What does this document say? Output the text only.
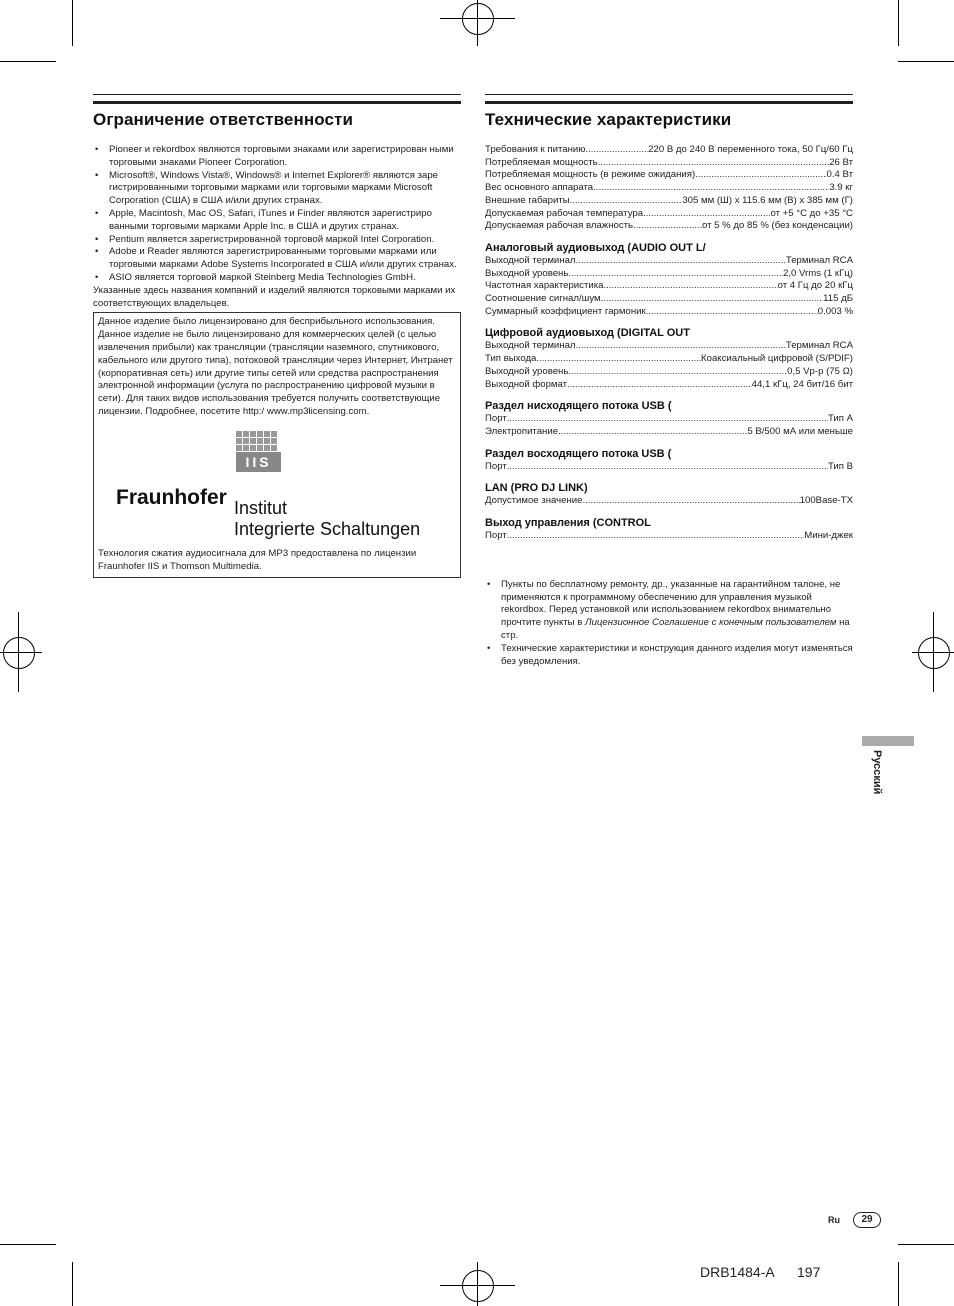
Ограничение ответственности
• Pioneer и rekordbox являются торговыми знаками или зарегистрирован ными торговыми знаками Pioneer Corporation.
• Microsoft®, Windows Vista®, Windows® и Internet Explorer® являются заре гистрированными торговыми марками или торговыми марками Microsoft Corporation (США) в США и/или других странах.
• Apple, Macintosh, Mac OS, Safari, iTunes и Finder являются зарегистриро ванными торговыми марками Apple Inc. в США и других странах.
• Pentium является зарегистрированной торговой маркой Intel Corporation.
• Adobe и Reader являются зарегистрированными торговыми марками или торговыми марками Adobe Systems Incorporated в США и/или других странах.
• ASIO является торговой маркой Steinberg Media Technologies GmbH.
Указанные здесь названия компаний и изделий являются торковыми марками их соответствующих владельцев.

Данное изделие было лицензировано для бесприбыльного использования. Данное изделие не было лицензировано для коммерческих целей (с целью извлечения прибыли) как трансляции (трансляции наземного, спутникового, кабельного или другого типа), потоковой трансляции через Интернет, Интранет (корпоративная сеть) или другие типы сетей или средства распространения электронной информации (услуга по распространению цифровой музыки в сети). Для таких видов использования требуется получить соответствующие лицензии. Подробнее, посетите http:/ www.mp3licensing.com.

IIS
Fraunhofer Institut
Integrierte Schaltungen

Технология сжатия аудиосигнала для MP3 предоставлена по лицензии Fraunhofer IIS и Thomson Multimedia.

Технические характеристики
Требования к питанию .....	220 В до 240 В переменного тока, 50 Гц/60 Гц
Потребляемая мощность .....	26 Вт
Потребляемая мощность (в режиме ожидания) .....	0.4 Вт
Вес основного аппарата .....	3.9 кг
Внешние габариты .....	305 мм (Ш) x 115.6 мм (В) x 385 мм (Г)
Допускаемая рабочая температура .....	от +5 °C до +35 °C
Допускаемая рабочая влажность .....	от 5 % до 85 % (без конденсации)
Аналоговый аудиовыход (AUDIO OUT L/
Выходной терминал .....	Терминал RCA
Выходной уровень .....	2,0 Vrms (1 кГц)
Частотная характеристика .....	от 4 Гц до 20 кГц
Соотношение сигнал/шум .....	115 дБ
Суммарный коэффициент гармоник .....	0.003 %
Цифровой аудиовыход (DIGITAL OUT
Выходной терминал .....	Терминал RCA
Тип выхода .....	Коаксиальный цифровой (S/PDIF)
Выходной уровень .....	0,5 Vp-p (75 Ω)
Выходной формат .....	44,1 кГц, 24 бит/16 бит
Раздел нисходящего потока USB (
Порт .....	Тип A
Электропитание .....	5 В/500 мА или меньше
Раздел восходящего потока USB (
Порт .....	Тип B
LAN (PRO DJ LINK)
Допустимое значение .....	100Base-TX
Выход управления (CONTROL
Порт .....	Мини-джек
• Пункты по бесплатному ремонту, др., указанные на гарантийном талоне, не применяются к программному обеспечению для управления музыкой rekordbox. Перед установкой или использованием rekordbox внимательно прочтите пункты в Лицензионное Соглашение с конечным пользователем на стр.
• Технические характеристики и конструкция данного изделия могут изменяться без уведомления.
Русский
Ru	29
DRB1484-A 197
